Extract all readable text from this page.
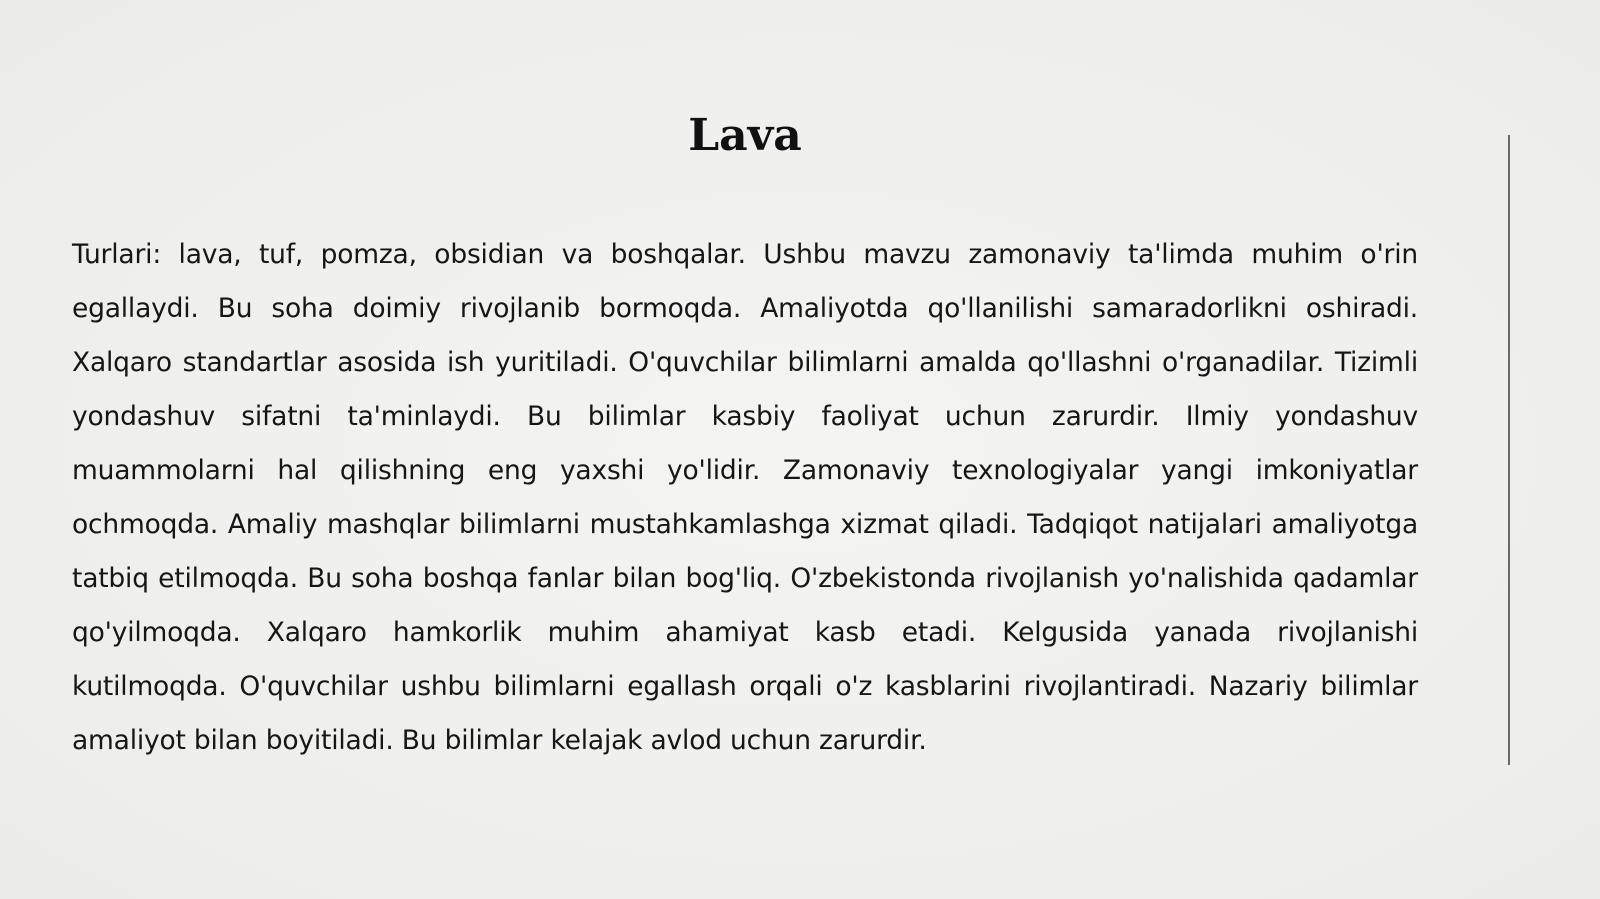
Lava

Turlari: lava, tuf, pomza, obsidian va boshqalar. Ushbu mavzu zamonaviy ta'limda muhim o'rin egallaydi. Bu soha doimiy rivojlanib bormoqda. Amaliyotda qo'llanilishi samaradorlikni oshiradi. Xalqaro standartlar asosida ish yuritiladi. O'quvchilar bilimlarni amalda qo'llashni o'rganadilar. Tizimli yondashuv sifatni ta'minlaydi. Bu bilimlar kasbiy faoliyat uchun zarurdir. Ilmiy yondashuv muammolarni hal qilishning eng yaxshi yo'lidir. Zamonaviy texnologiyalar yangi imkoniyatlar ochmoqda. Amaliy mashqlar bilimlarni mustahkamlashga xizmat qiladi. Tadqiqot natijalari amaliyotga tatbiq etilmoqda. Bu soha boshqa fanlar bilan bog'liq. O'zbekistonda rivojlanish yo'nalishida qadamlar qo'yilmoqda. Xalqaro hamkorlik muhim ahamiyat kasb etadi. Kelgusida yanada rivojlanishi kutilmoqda. O'quvchilar ushbu bilimlarni egallash orqali o'z kasblarini rivojlantiradi. Nazariy bilimlar amaliyot bilan boyitiladi. Bu bilimlar kelajak avlod uchun zarurdir.
